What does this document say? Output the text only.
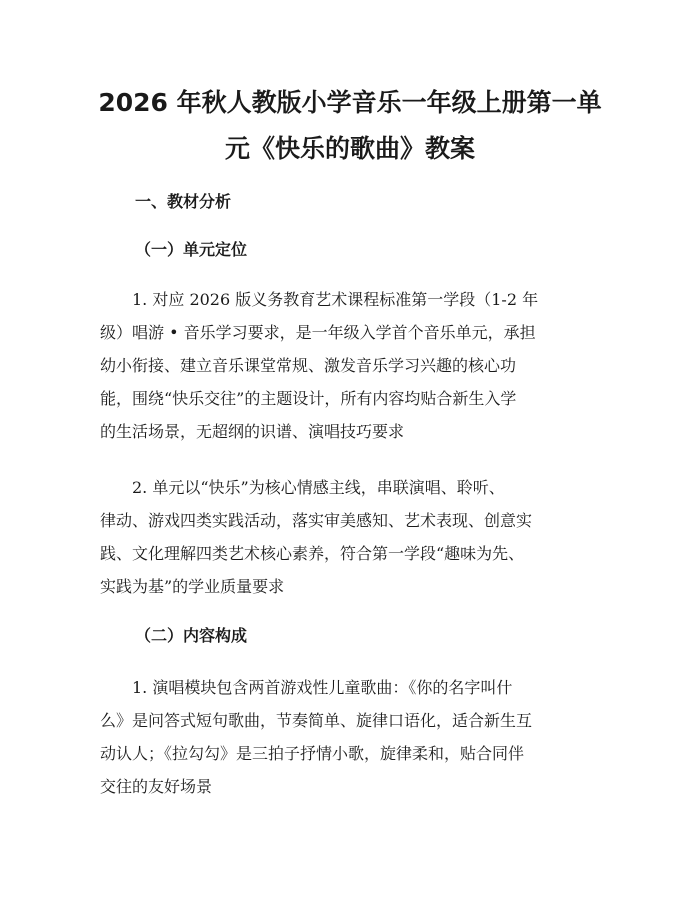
2026 年秋人教版小学音乐一年级上册第一单
元《快乐的歌曲》教案
一、教材分析
（一）单元定位

1. 对应 2026 版义务教育艺术课程标准第一学段（1-2 年
级）唱游 • 音乐学习要求，是一年级入学首个音乐单元，承担
幼小衔接、建立音乐课堂常规、激发音乐学习兴趣的核心功
能，围绕“快乐交往”的主题设计，所有内容均贴合新生入学
的生活场景，无超纲的识谱、演唱技巧要求

2. 单元以“快乐”为核心情感主线，串联演唱、聆听、
律动、游戏四类实践活动，落实审美感知、艺术表现、创意实
践、文化理解四类艺术核心素养，符合第一学段“趣味为先、
实践为基”的学业质量要求

（二）内容构成

1. 演唱模块包含两首游戏性儿童歌曲：《你的名字叫什
么》是问答式短句歌曲，节奏简单、旋律口语化，适合新生互
动认人；《拉勾勾》是三拍子抒情小歌，旋律柔和，贴合同伴
交往的友好场景
